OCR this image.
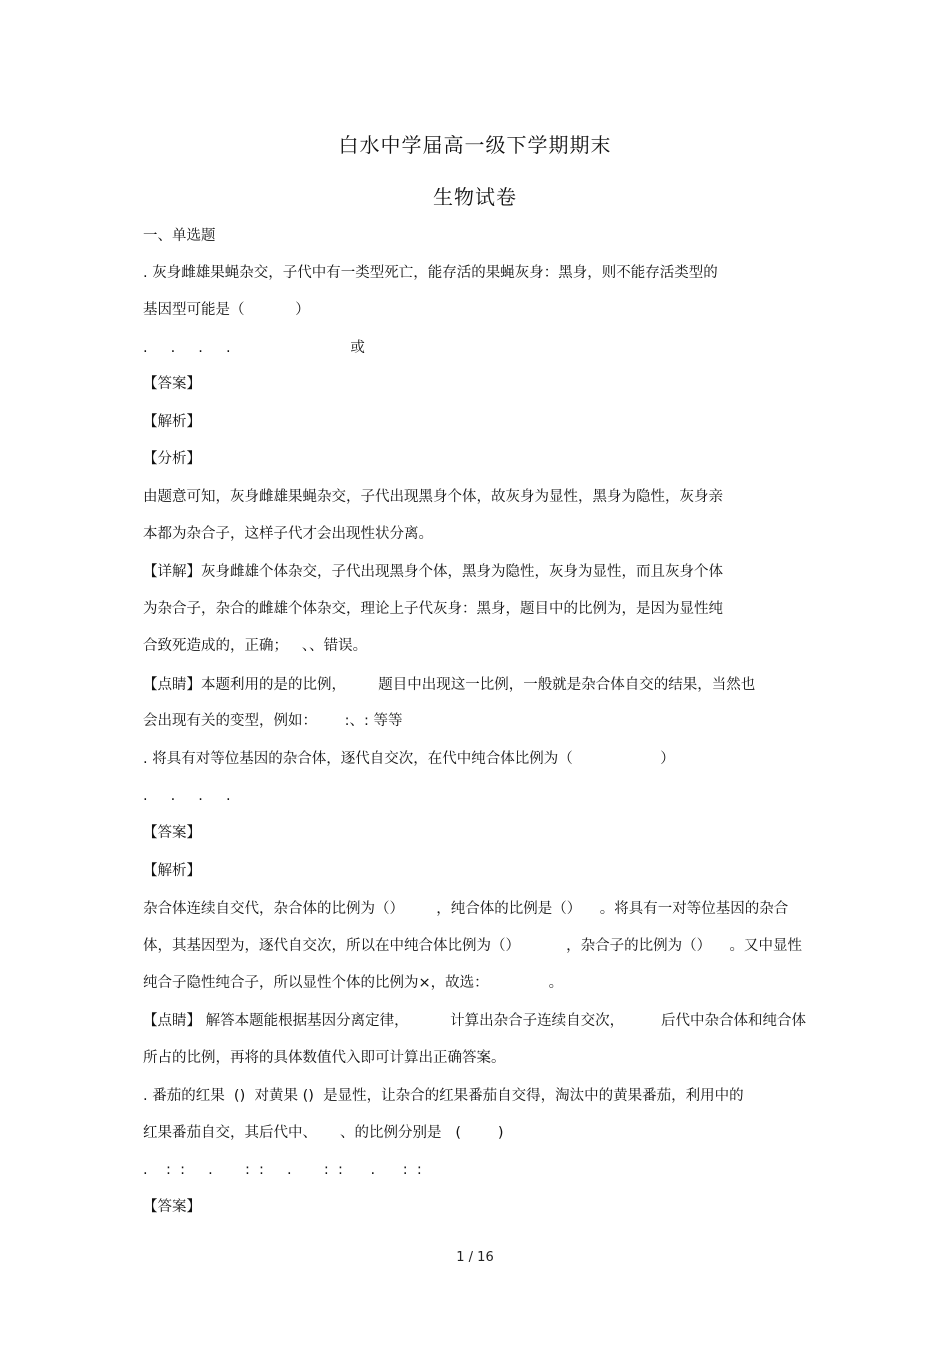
白水中学届高一级下学期期末
生物试卷
一、单选题
. 灰身雌雄果蝇杂交，子代中有一类型死亡，能存活的果蝇灰身：黑身，则不能存活类型的
基因型可能是（           ）
.     .     .     .                          或
【答案】
【解析】
【分析】
由题意可知，灰身雌雄果蝇杂交，子代出现黑身个体，故灰身为显性，黑身为隐性，灰身亲
本都为杂合子，这样子代才会出现性状分离。
【详解】灰身雌雄个体杂交，子代出现黑身个体，黑身为隐性，灰身为显性，而且灰身个体
为杂合子，杂合的雌雄个体杂交，理论上子代灰身：黑身，题目中的比例为，是因为显性纯
合致死造成的，正确；   、、错误。
【点睛】本题利用的是的比例，       题目中出现这一比例，一般就是杂合体自交的结果，当然也
会出现有关的变型，例如：      :、: 等等
. 将具有对等位基因的杂合体，逐代自交次，在代中纯合体比例为（                   ）
.     .     .     .
【答案】
【解析】
杂合体连续自交代，杂合体的比例为（）       ，纯合体的比例是（）    。将具有一对等位基因的杂合
体，其基因型为，逐代自交次，所以在中纯合体比例为（）          ，杂合子的比例为（）    。又中显性
纯合子隐性纯合子，所以显性个体的比例为×，故选：             。
【点睛】 解答本题能根据基因分离定律，         计算出杂合子连续自交次，        后代中杂合体和纯合体
所占的比例，再将的具体数值代入即可计算出正确答案。
. 番茄的红果  ()  对黄果 ()  是显性，让杂合的红果番茄自交得，淘汰中的黄果番茄，利用中的
红果番茄自交，其后代中、     、的比例分别是   (        )
.    :  :     .       :  :     .       :  :      .      :  :
【答案】
1 / 16
